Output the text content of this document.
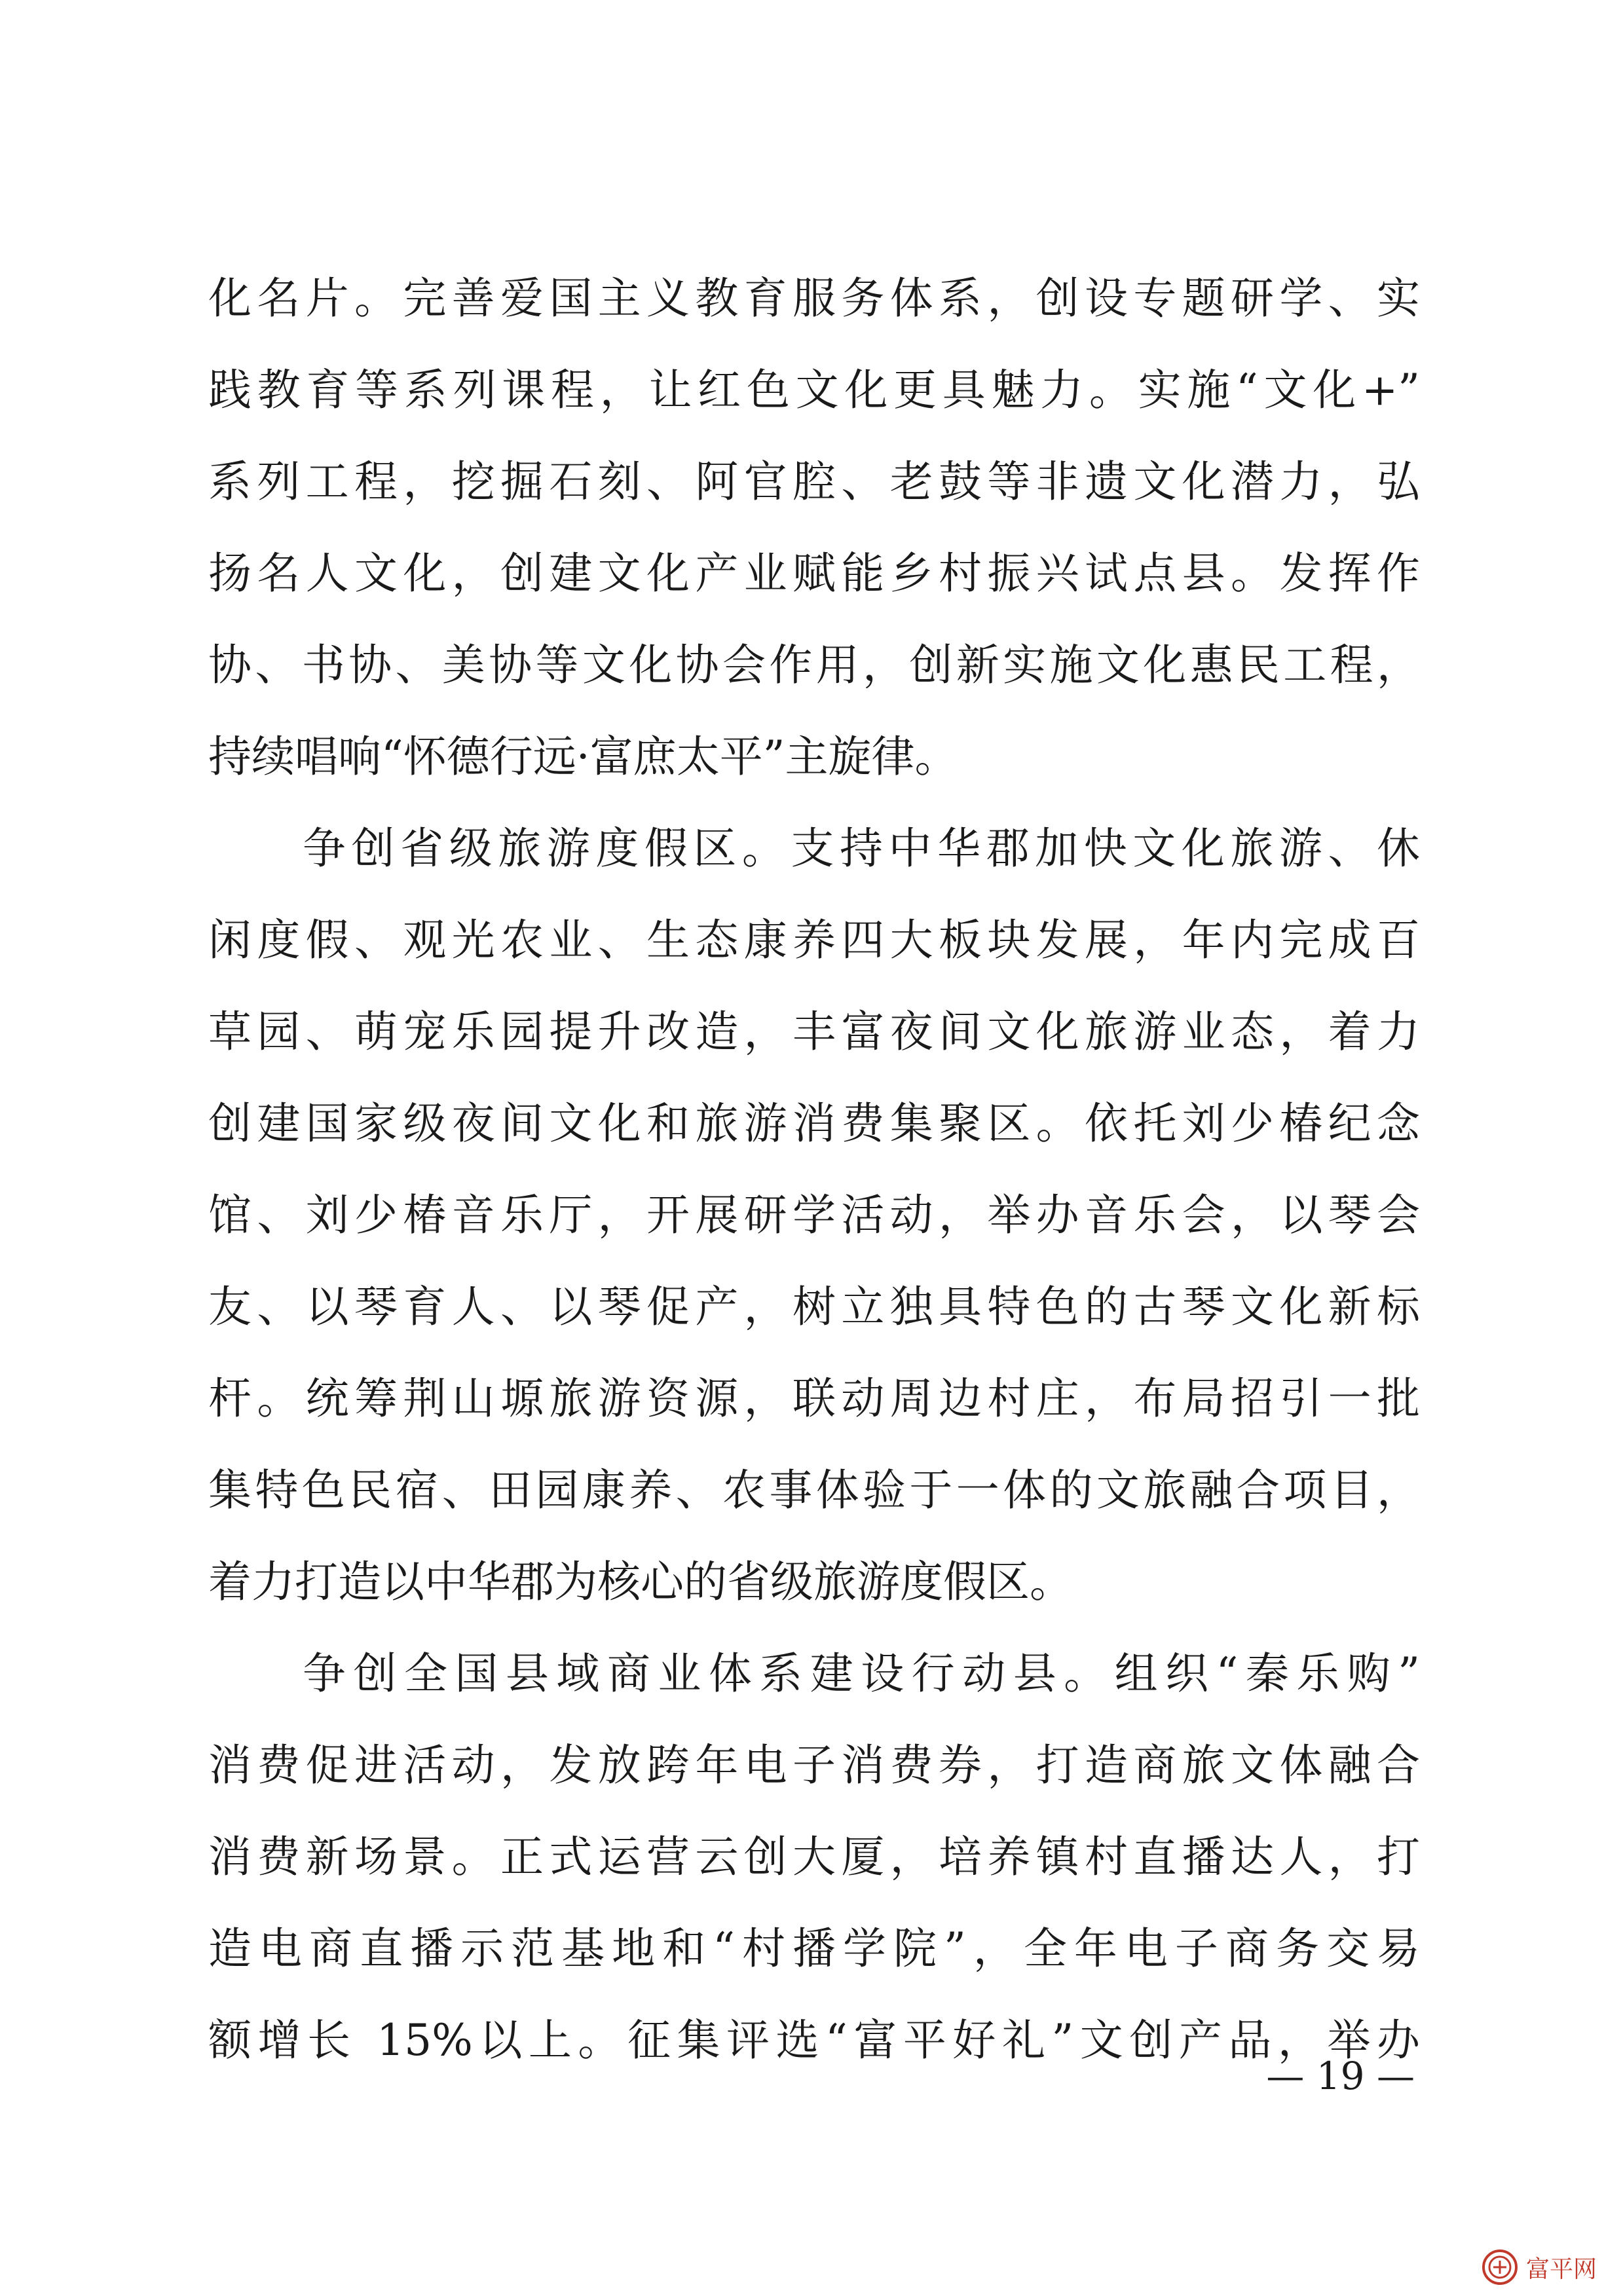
化名片。完善爱国主义教育服务体系，创设专题研学、实
践教育等系列课程，让红色文化更具魅力。实施“文化+”
系列工程，挖掘石刻、阿官腔、老鼓等非遗文化潜力，弘
扬名人文化，创建文化产业赋能乡村振兴试点县。发挥作
协、书协、美协等文化协会作用，创新实施文化惠民工程，
持续唱响“怀德行远·富庶太平”主旋律。
争创省级旅游度假区。支持中华郡加快文化旅游、休
闲度假、观光农业、生态康养四大板块发展，年内完成百
草园、萌宠乐园提升改造，丰富夜间文化旅游业态，着力
创建国家级夜间文化和旅游消费集聚区。依托刘少椿纪念
馆、刘少椿音乐厅，开展研学活动，举办音乐会，以琴会
友、以琴育人、以琴促产，树立独具特色的古琴文化新标
杆。统筹荆山塬旅游资源，联动周边村庄，布局招引一批
集特色民宿、田园康养、农事体验于一体的文旅融合项目，
着力打造以中华郡为核心的省级旅游度假区。
争创全国县域商业体系建设行动县。组织“秦乐购”
消费促进活动，发放跨年电子消费券，打造商旅文体融合
消费新场景。正式运营云创大厦，培养镇村直播达人，打
造电商直播示范基地和“村播学院”，全年电子商务交易
额增长 15%以上。征集评选“富平好礼”文创产品，举办
— 19 —
富平网
